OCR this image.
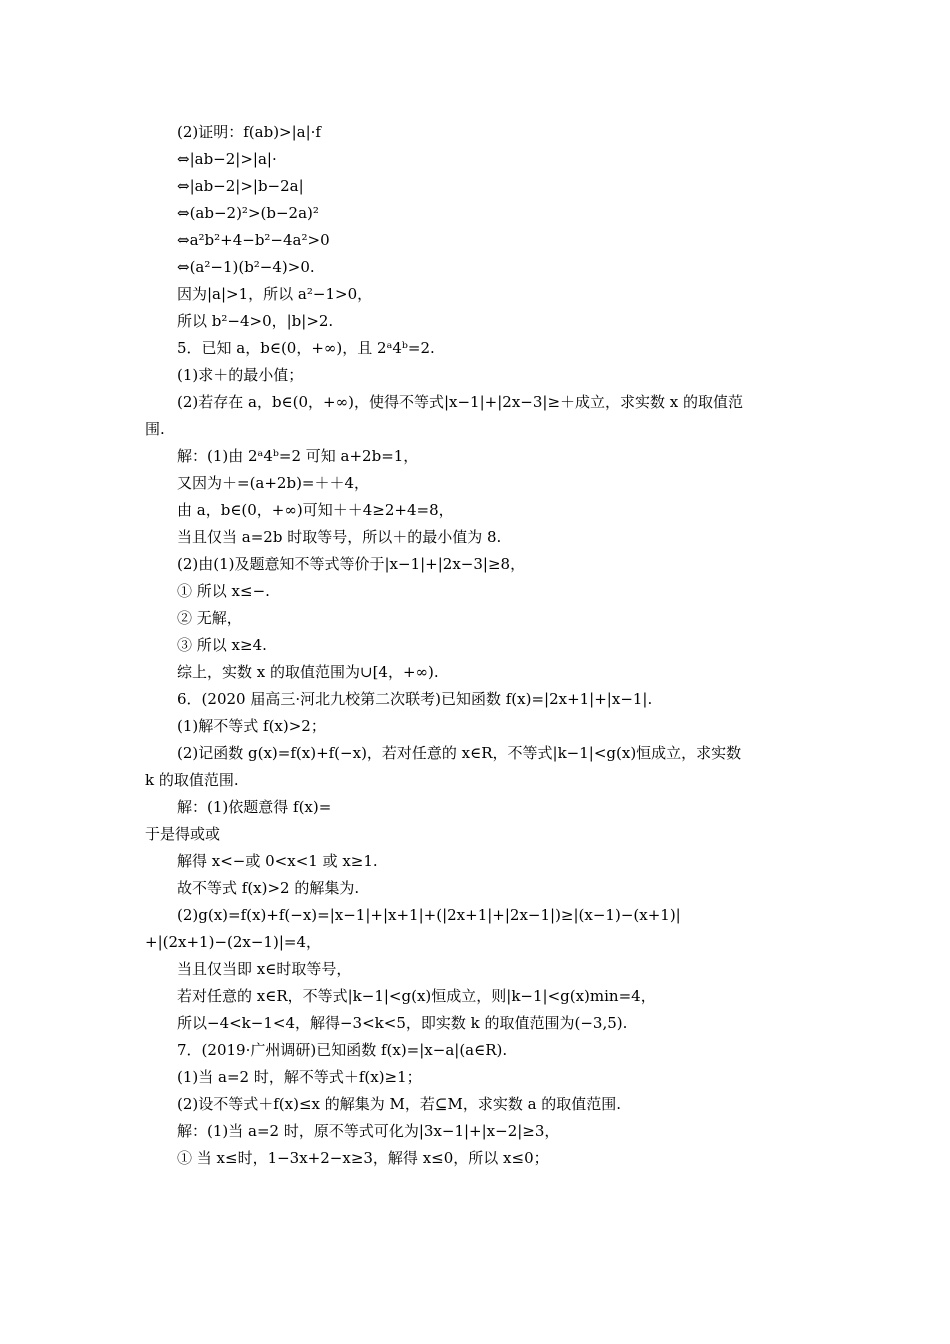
(2)证明：f(ab)>|a|·f
⇔|ab−2|>|a|·
⇔|ab−2|>|b−2a|
⇔(ab−2)²>(b−2a)²
⇔a²b²+4−b²−4a²>0
⇔(a²−1)(b²−4)>0.
因为|a|>1，所以 a²−1>0，
所以 b²−4>0，|b|>2.
5．已知 a，b∈(0，+∞)，且 2ᵃ4ᵇ=2.
(1)求＋的最小值；
(2)若存在 a，b∈(0，+∞)，使得不等式|x−1|+|2x−3|≥＋成立，求实数 x 的取值范
围.
解：(1)由 2ᵃ4ᵇ=2 可知 a+2b=1，
又因为＋=(a+2b)=＋＋4，
由 a，b∈(0，+∞)可知＋＋4≥2+4=8，
当且仅当 a=2b 时取等号，所以＋的最小值为 8.
(2)由(1)及题意知不等式等价于|x−1|+|2x−3|≥8，
① 所以 x≤−.
② 无解，
③ 所以 x≥4.
综上，实数 x 的取值范围为∪[4，+∞).
6．(2020 届高三·河北九校第二次联考)已知函数 f(x)=|2x+1|+|x−1|.
(1)解不等式 f(x)>2；
(2)记函数 g(x)=f(x)+f(−x)，若对任意的 x∈R，不等式|k−1|<g(x)恒成立，求实数
k 的取值范围.
解：(1)依题意得 f(x)=
于是得或或
解得 x<−或 0<x<1 或 x≥1.
故不等式 f(x)>2 的解集为.
(2)g(x)=f(x)+f(−x)=|x−1|+|x+1|+(|2x+1|+|2x−1|)≥|(x−1)−(x+1)|
+|(2x+1)−(2x−1)|=4，
当且仅当即 x∈时取等号，
若对任意的 x∈R，不等式|k−1|<g(x)恒成立，则|k−1|<g(x)min=4，
所以−4<k−1<4，解得−3<k<5，即实数 k 的取值范围为(−3,5).
7．(2019·广州调研)已知函数 f(x)=|x−a|(a∈R).
(1)当 a=2 时，解不等式＋f(x)≥1；
(2)设不等式＋f(x)≤x 的解集为 M，若⊆M，求实数 a 的取值范围.
解：(1)当 a=2 时，原不等式可化为|3x−1|+|x−2|≥3，
① 当 x≤时，1−3x+2−x≥3，解得 x≤0，所以 x≤0；
